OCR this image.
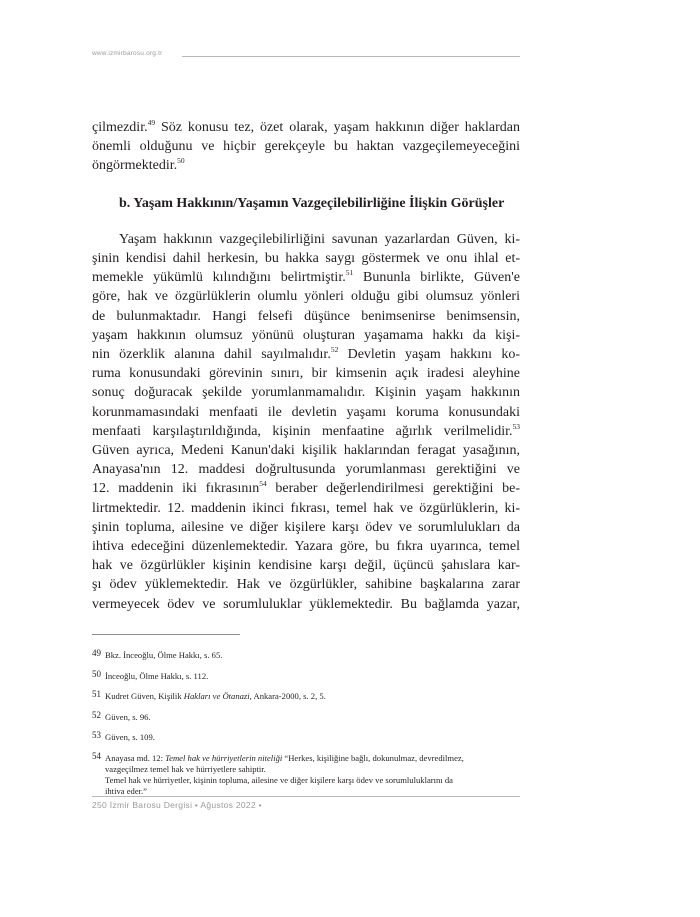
www.izmirbarosu.org.tr
çilmezdir.$^{49}$ Söz konusu tez, özet olarak, yaşam hakkının diğer haklardan
önemli olduğunu ve hiçbir gerekçeyle bu haktan vazgeçilemeyeceğini
öngörmektedir.$^{50}$
b. Yaşam Hakkının/Yaşamın Vazgeçilebilirliğine İlişkin Görüşler
Yaşam hakkının vazgeçilebilirliğini savunan yazarlardan Güven, ki-
şinin kendisi dahil herkesin, bu hakka saygı göstermek ve onu ihlal et-
memekle yükümlü kılındığını belirtmiştir.$^{51}$ Bununla birlikte, Güven'e
göre, hak ve özgürlüklerin olumlu yönleri olduğu gibi olumsuz yönleri
de bulunmaktadır. Hangi felsefi düşünce benimsenirse benimsensin,
yaşam hakkının olumsuz yönünü oluşturan yaşamama hakkı da kişi-
nin özerklik alanına dahil sayılmalıdır.$^{52}$ Devletin yaşam hakkını ko-
ruma konusundaki görevinin sınırı, bir kimsenin açık iradesi aleyhine
sonuç doğuracak şekilde yorumlanmamalıdır. Kişinin yaşam hakkının
korunmamasındaki menfaati ile devletin yaşamı koruma konusundaki
menfaati karşılaştırıldığında, kişinin menfaatine ağırlık verilmelidir.$^{53}$
Güven ayrıca, Medeni Kanun'daki kişilik haklarından feragat yasağının,
Anayasa'nın 12. maddesi doğrultusunda yorumlanması gerektiğini ve
12. maddenin iki fıkrasının$^{54}$ beraber değerlendirilmesi gerektiğini be-
lirtmektedir. 12. maddenin ikinci fıkrası, temel hak ve özgürlüklerin, ki-
şinin topluma, ailesine ve diğer kişilere karşı ödev ve sorumlulukları da
ihtiva edeceğini düzenlemektedir. Yazara göre, bu fıkra uyarınca, temel
hak ve özgürlükler kişinin kendisine karşı değil, üçüncü şahıslara kar-
şı ödev yüklemektedir. Hak ve özgürlükler, sahibine başkalarına zarar
vermeyecek ödev ve sorumluluklar yüklemektedir. Bu bağlamda yazar,
49 Bkz. İnceoğlu, Ölme Hakkı, s. 65.
50 İnceoğlu, Ölme Hakkı, s. 112.
51 Kudret Güven, Kişilik Hakları ve Ötanazi, Ankara-2000, s. 2, 5.
52 Güven, s. 96.
53 Güven, s. 109.
54 Anayasa md. 12: Temel hak ve hürriyetlerin niteliği “Herkes, kişiliğine bağlı, dokunulmaz, devredilmez,
vazgeçilmez temel hak ve hürriyetlere sahiptir.
Temel hak ve hürriyetler, kişinin topluma, ailesine ve diğer kişilere karşı ödev ve sorumluluklarını da
ihtiva eder.”
250 İzmir Barosu Dergisi • Ağustos 2022 •
